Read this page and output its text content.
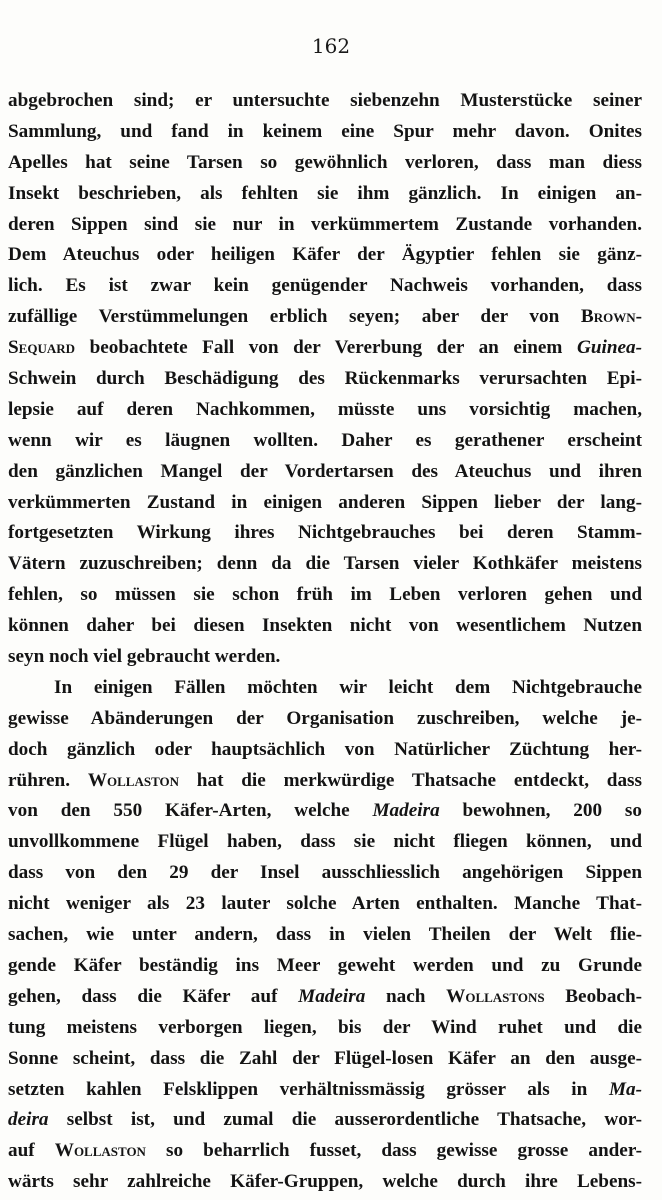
162
abgebrochen sind; er untersuchte siebenzehn Musterstücke seiner
Sammlung, und fand in keinem eine Spur mehr davon. Onites
Apelles hat seine Tarsen so gewöhnlich verloren, dass man diess
Insekt beschrieben, als fehlten sie ihm gänzlich. In einigen an-
deren Sippen sind sie nur in verkümmertem Zustande vorhanden.
Dem Ateuchus oder heiligen Käfer der Ägyptier fehlen sie gänz-
lich. Es ist zwar kein genügender Nachweis vorhanden, dass
zufällige Verstümmelungen erblich seyen; aber der von Brown-
Sequard beobachtete Fall von der Vererbung der an einem Guinea-
Schwein durch Beschädigung des Rückenmarks verursachten Epi-
lepsie auf deren Nachkommen, müsste uns vorsichtig machen,
wenn wir es läugnen wollten. Daher es gerathener erscheint
den gänzlichen Mangel der Vordertarsen des Ateuchus und ihren
verkümmerten Zustand in einigen anderen Sippen lieber der lang-
fortgesetzten Wirkung ihres Nichtgebrauches bei deren Stamm-
Vätern zuzuschreiben; denn da die Tarsen vieler Kothkäfer meistens
fehlen, so müssen sie schon früh im Leben verloren gehen und
können daher bei diesen Insekten nicht von wesentlichem Nutzen
seyn noch viel gebraucht werden.
In einigen Fällen möchten wir leicht dem Nichtgebrauche
gewisse Abänderungen der Organisation zuschreiben, welche je-
doch gänzlich oder hauptsächlich von Natürlicher Züchtung her-
rühren. Wollaston hat die merkwürdige Thatsache entdeckt, dass
von den 550 Käfer-Arten, welche Madeira bewohnen, 200 so
unvollkommene Flügel haben, dass sie nicht fliegen können, und
dass von den 29 der Insel ausschliesslich angehörigen Sippen
nicht weniger als 23 lauter solche Arten enthalten. Manche That-
sachen, wie unter andern, dass in vielen Theilen der Welt flie-
gende Käfer beständig ins Meer geweht werden und zu Grunde
gehen, dass die Käfer auf Madeira nach Wollastons Beobach-
tung meistens verborgen liegen, bis der Wind ruhet und die
Sonne scheint, dass die Zahl der Flügel-losen Käfer an den ausge-
setzten kahlen Felsklippen verhältnissmässig grösser als in Ma-
deira selbst ist, und zumal die ausserordentliche Thatsache, wor-
auf Wollaston so beharrlich fusset, dass gewisse grosse ander-
wärts sehr zahlreiche Käfer-Gruppen, welche durch ihre Lebens-
